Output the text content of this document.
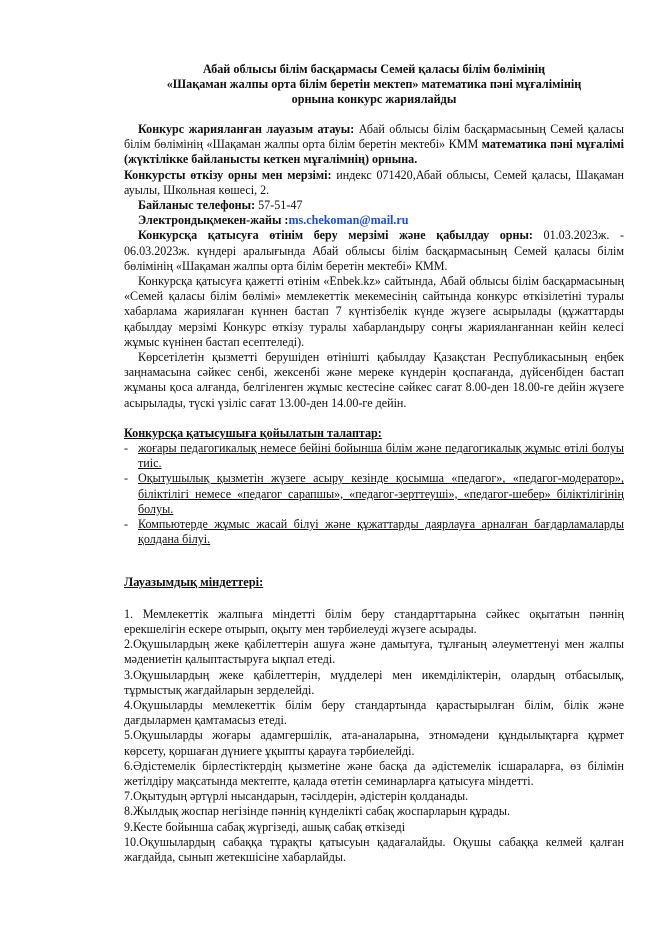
Абай облысы білім басқармасы Семей қаласы білім бөлімінің
«Шақаман жалпы орта білім беретін мектеп» математика пәні мұғалімінің
орнына конкурс жариялайды

Конкурс жарияланған лауазым атауы: Абай облысы білім басқармасының Семей қаласы білім бөлімінің «Шақаман жалпы орта білім беретін мектебі» КММ математика пәні мұғалімі (жүктілікке байланысты кеткен мұғалімнің) орнына.

Конкурсты өткізу орны мен мерзімі: индекс 071420,Абай облысы, Семей қаласы, Шақаман ауылы, Школьная көшесі, 2.

Байланыс телефоны: 57-51-47

Электрондықмекен-жайы :ms.chekoman@mail.ru

Конкурсқа қатысуға өтінім беру мерзімі және қабылдау орны: 01.03.2023ж. - 06.03.2023ж. күндері аралығында Абай облысы білім басқармасының Семей қаласы білім бөлімінің «Шақаман жалпы орта білім беретін мектебі» КММ.

Конкурсқа қатысуға қажетті өтінім «Enbek.kz» сайтында, Абай облысы білім басқармасының «Семей қаласы білім бөлімі» мемлекеттік мекемесінің сайтында конкурс өткізілетіні туралы хабарлама жариялаған күннен бастап 7 күнтізбелік күнде жүзеге асырылады (құжаттарды қабылдау мерзімі Конкурс өткізу туралы хабарландыру соңғы жарияланғаннан кейін келесі жұмыс күнінен бастап есептеледі).

Көрсетілетін қызметті берушіден өтінішті қабылдау Қазақстан Республикасының еңбек заңнамасына сәйкес сенбі, жексенбі және мереке күндерін қоспағанда, дүйсенбіден бастап жұманы қоса алғанда, белгіленген жұмыс кестесіне сәйкес сағат 8.00-ден 18.00-ге дейін жүзеге асырылады, түскі үзіліс сағат 13.00-ден 14.00-ге дейін.

Конкурсқа қатысушыға қойылатын талаптар:
- жоғары педагогикалық немесе бейіні бойынша білім және педагогикалық жұмыс өтілі болуы тиіс.
- Оқытушылық қызметін жүзеге асыру кезінде қосымша «педагог», «педагог-модератор», біліктілігі немесе «педагог сарапшы», «педагог-зерттеуші», «педагог-шебер» біліктілігінің болуы.
- Компьютерде жұмыс жасай білуі және құжаттарды даярлауға арналған бағдарламаларды қолдана білуі.
Лауазымдық міндеттері:

1. Мемлекеттік жалпыға міндетті білім беру стандарттарына сәйкес оқытатын пәннің ерекшелігін ескере отырып, оқыту мен тәрбиелеуді жүзеге асырады.

2.Оқушылардың жеке қабілеттерін ашуға және дамытуға, тұлғаның әлеуметтенуі мен жалпы мәдениетін қалыптастыруға ықпал етеді.

3.Оқушылардың жеке қабілеттерін, мүдделері мен икемділіктерін, олардың отбасылық, тұрмыстық жағдайларын зерделейді.

4.Оқушыларды мемлекеттік білім беру стандартында қарастырылған білім, білік және дағдылармен қамтамасыз етеді.

5.Оқушыларды жоғары адамгершілік, ата-аналарына, этномәдени құндылықтарға құрмет көрсету, қоршаған дүниеге ұқыпты қарауға тәрбиелейді.

6.Әдістемелік бірлестіктердің қызметіне және басқа да әдістемелік ісшараларға, өз білімін жетілдіру мақсатында мектепте, қалада өтетін семинарларға қатысуға міндетті.

7.Оқытудың әртүрлі нысандарын, тәсілдерін, әдістерін қолданады.

8.Жылдық жоспар негізінде пәннің күнделікті сабақ жоспарларын құрады.

9.Кесте бойынша сабақ жүргізеді, ашық сабақ өткізеді

10.Оқушылардың сабаққа тұрақты қатысуын қадағалайды. Оқушы сабаққа келмей қалған жағдайда, сынып жетекшісіне хабарлайды.
